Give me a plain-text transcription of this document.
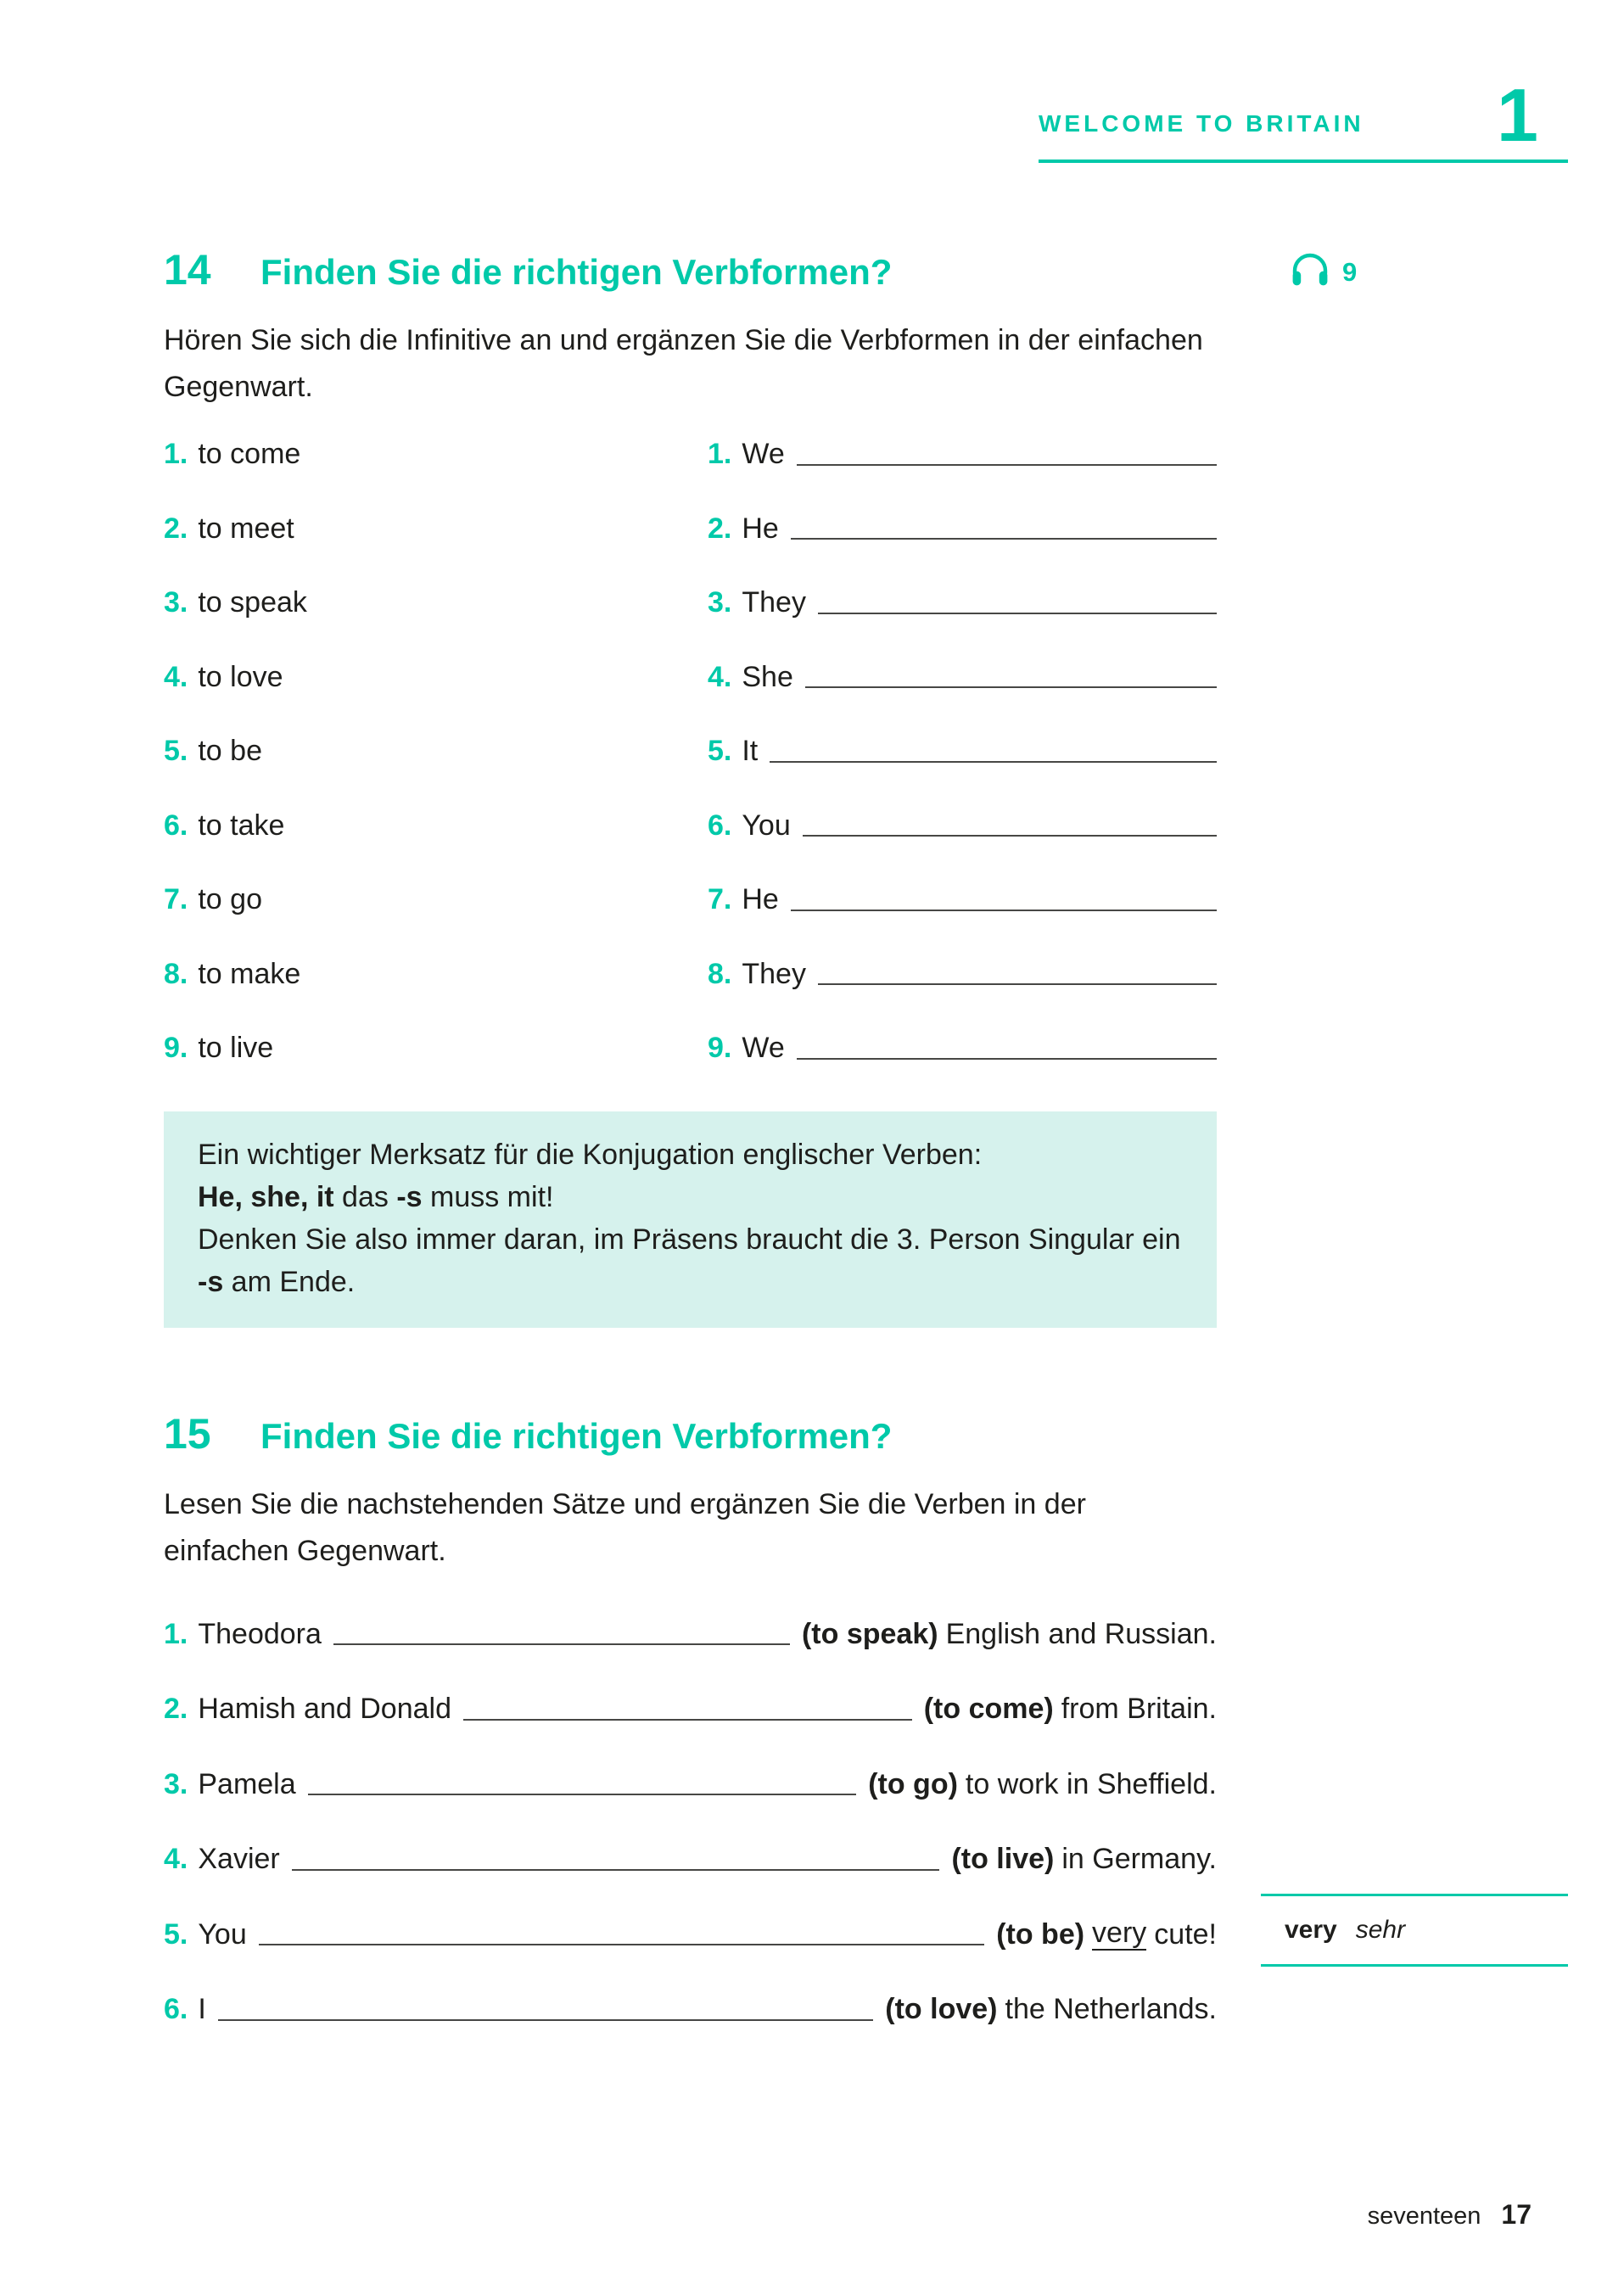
WELCOME TO BRITAIN 1
9
14	Finden Sie die richtigen Verbformen?

Hören Sie sich die Infinitive an und ergänzen Sie die Verbformen in der einfachen Gegenwart.

1. to come	1. We
2. to meet	2. He
3. to speak	3. They
4. to love	4. She
5. to be	5. It
6. to take	6. You
7. to go	7. He
8. to make	8. They
9. to live	9. We

Ein wichtiger Merksatz für die Konjugation englischer Verben:

He, she, it das -s muss mit!

Denken Sie also immer daran, im Präsens braucht die 3. Person Singular ein -s am Ende.

15	Finden Sie die richtigen Verbformen?

Lesen Sie die nachstehenden Sätze und ergänzen Sie die Verben in der einfachen Gegenwart.

1. Theodora	(to speak) English and Russian.
2. Hamish and Donald	(to come) from Britain.
3. Pamela	(to go) to work in Sheffield.
4. Xavier	(to live) in Germany.
5. You	(to be) very cute!
6. I	(to love) the Netherlands.
very sehr
seventeen 17
